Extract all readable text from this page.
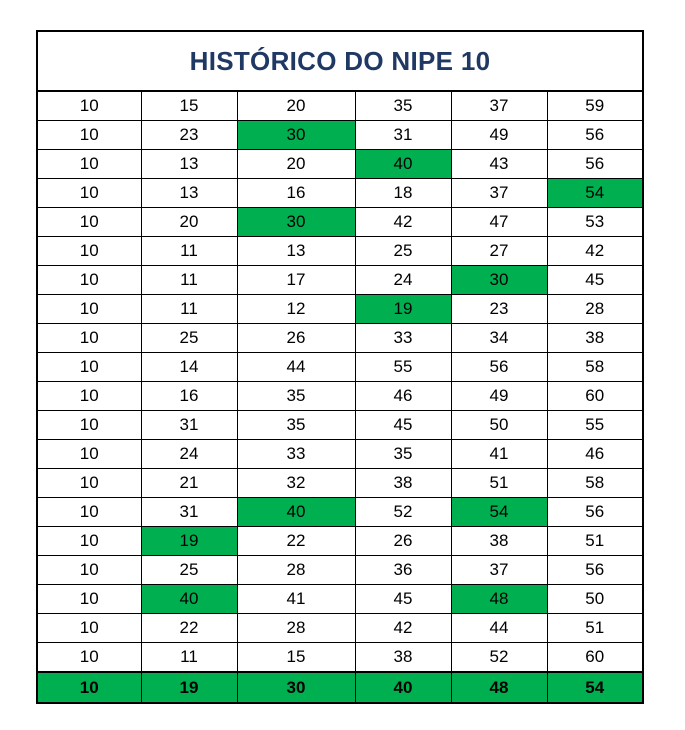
HISTÓRICO DO NIPE 10					
10	15	20	35	37	59
10	23	30	31	49	56
10	13	20	40	43	56
10	13	16	18	37	54
10	20	30	42	47	53
10	11	13	25	27	42
10	11	17	24	30	45
10	11	12	19	23	28
10	25	26	33	34	38
10	14	44	55	56	58
10	16	35	46	49	60
10	31	35	45	50	55
10	24	33	35	41	46
10	21	32	38	51	58
10	31	40	52	54	56
10	19	22	26	38	51
10	25	28	36	37	56
10	40	41	45	48	50
10	22	28	42	44	51
10	11	15	38	52	60
10	19	30	40	48	54
